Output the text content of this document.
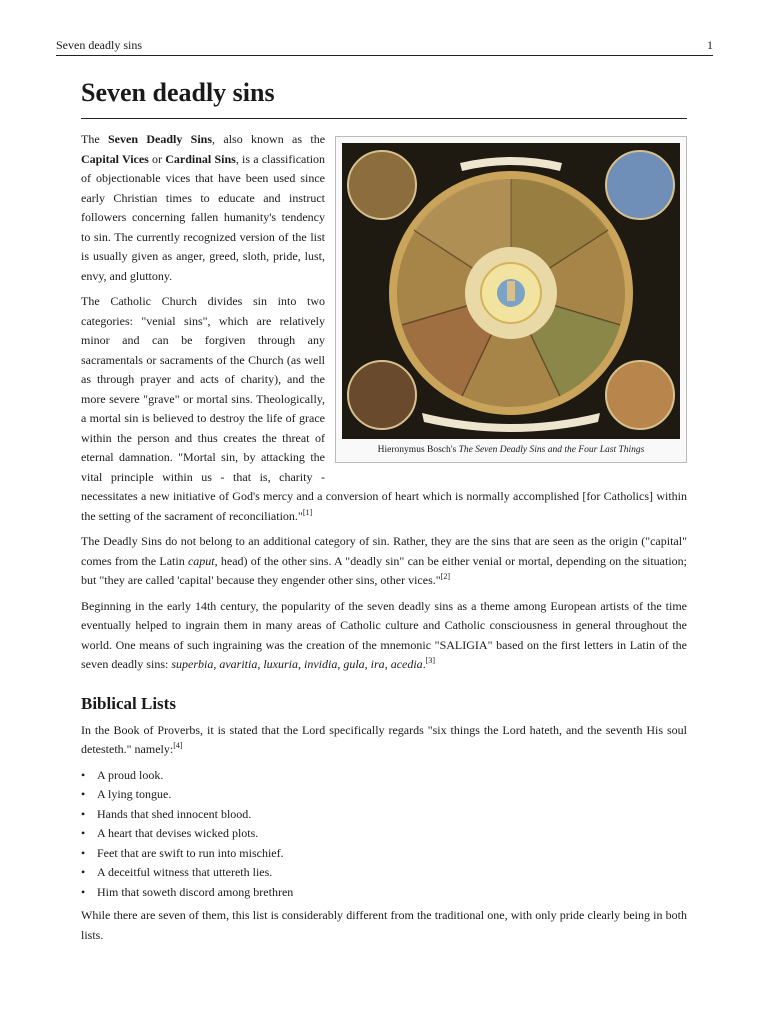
Seven deadly sins	1
Seven deadly sins
Hieronymus Bosch's The Seven Deadly Sins and the Four Last Things

The Seven Deadly Sins, also known as the Capital Vices or Cardinal Sins, is a classification of objectionable vices that have been used since early Christian times to educate and instruct followers concerning fallen humanity's tendency to sin. The currently recognized version of the list is usually given as anger, greed, sloth, pride, lust, envy, and gluttony.

The Catholic Church divides sin into two categories: "venial sins", which are relatively minor and can be forgiven through any sacramentals or sacraments of the Church (as well as through prayer and acts of charity), and the more severe "grave" or mortal sins. Theologically, a mortal sin is believed to destroy the life of grace within the person and thus creates the threat of eternal damnation. "Mortal sin, by attacking the vital principle within us - that is, charity - necessitates a new initiative of God's mercy and a conversion of heart which is normally accomplished [for Catholics] within the setting of the sacrament of reconciliation."[1]

The Deadly Sins do not belong to an additional category of sin. Rather, they are the sins that are seen as the origin ("capital" comes from the Latin caput, head) of the other sins. A "deadly sin" can be either venial or mortal, depending on the situation; but "they are called 'capital' because they engender other sins, other vices."[2]

Beginning in the early 14th century, the popularity of the seven deadly sins as a theme among European artists of the time eventually helped to ingrain them in many areas of Catholic culture and Catholic consciousness in general throughout the world. One means of such ingraining was the creation of the mnemonic "SALIGIA" based on the first letters in Latin of the seven deadly sins: superbia, avaritia, luxuria, invidia, gula, ira, acedia.[3]

Biblical Lists

In the Book of Proverbs, it is stated that the Lord specifically regards "six things the Lord hateth, and the seventh His soul detesteth." namely:[4]

• A proud look.
• A lying tongue.
• Hands that shed innocent blood.
• A heart that devises wicked plots.
• Feet that are swift to run into mischief.
• A deceitful witness that uttereth lies.
• Him that soweth discord among brethren

While there are seven of them, this list is considerably different from the traditional one, with only pride clearly being in both lists.
